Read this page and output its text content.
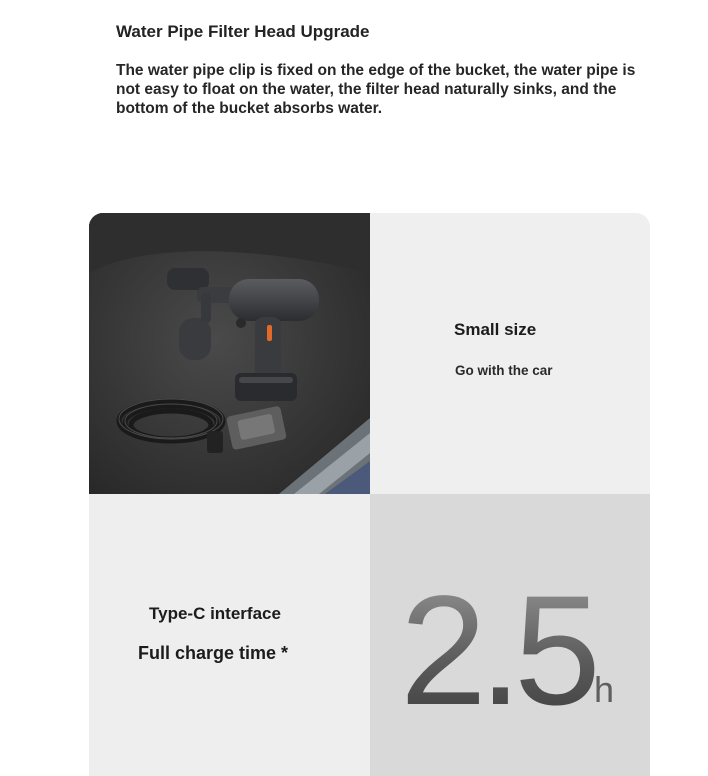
Water Pipe Filter Head Upgrade

The water pipe clip is fixed on the edge of the bucket, the water pipe is not easy to float on the water, the filter head naturally sinks, and the bottom of the bucket absorbs water.

Small size
Go with the car
Type-C interface
Full charge time * 2.5 h
